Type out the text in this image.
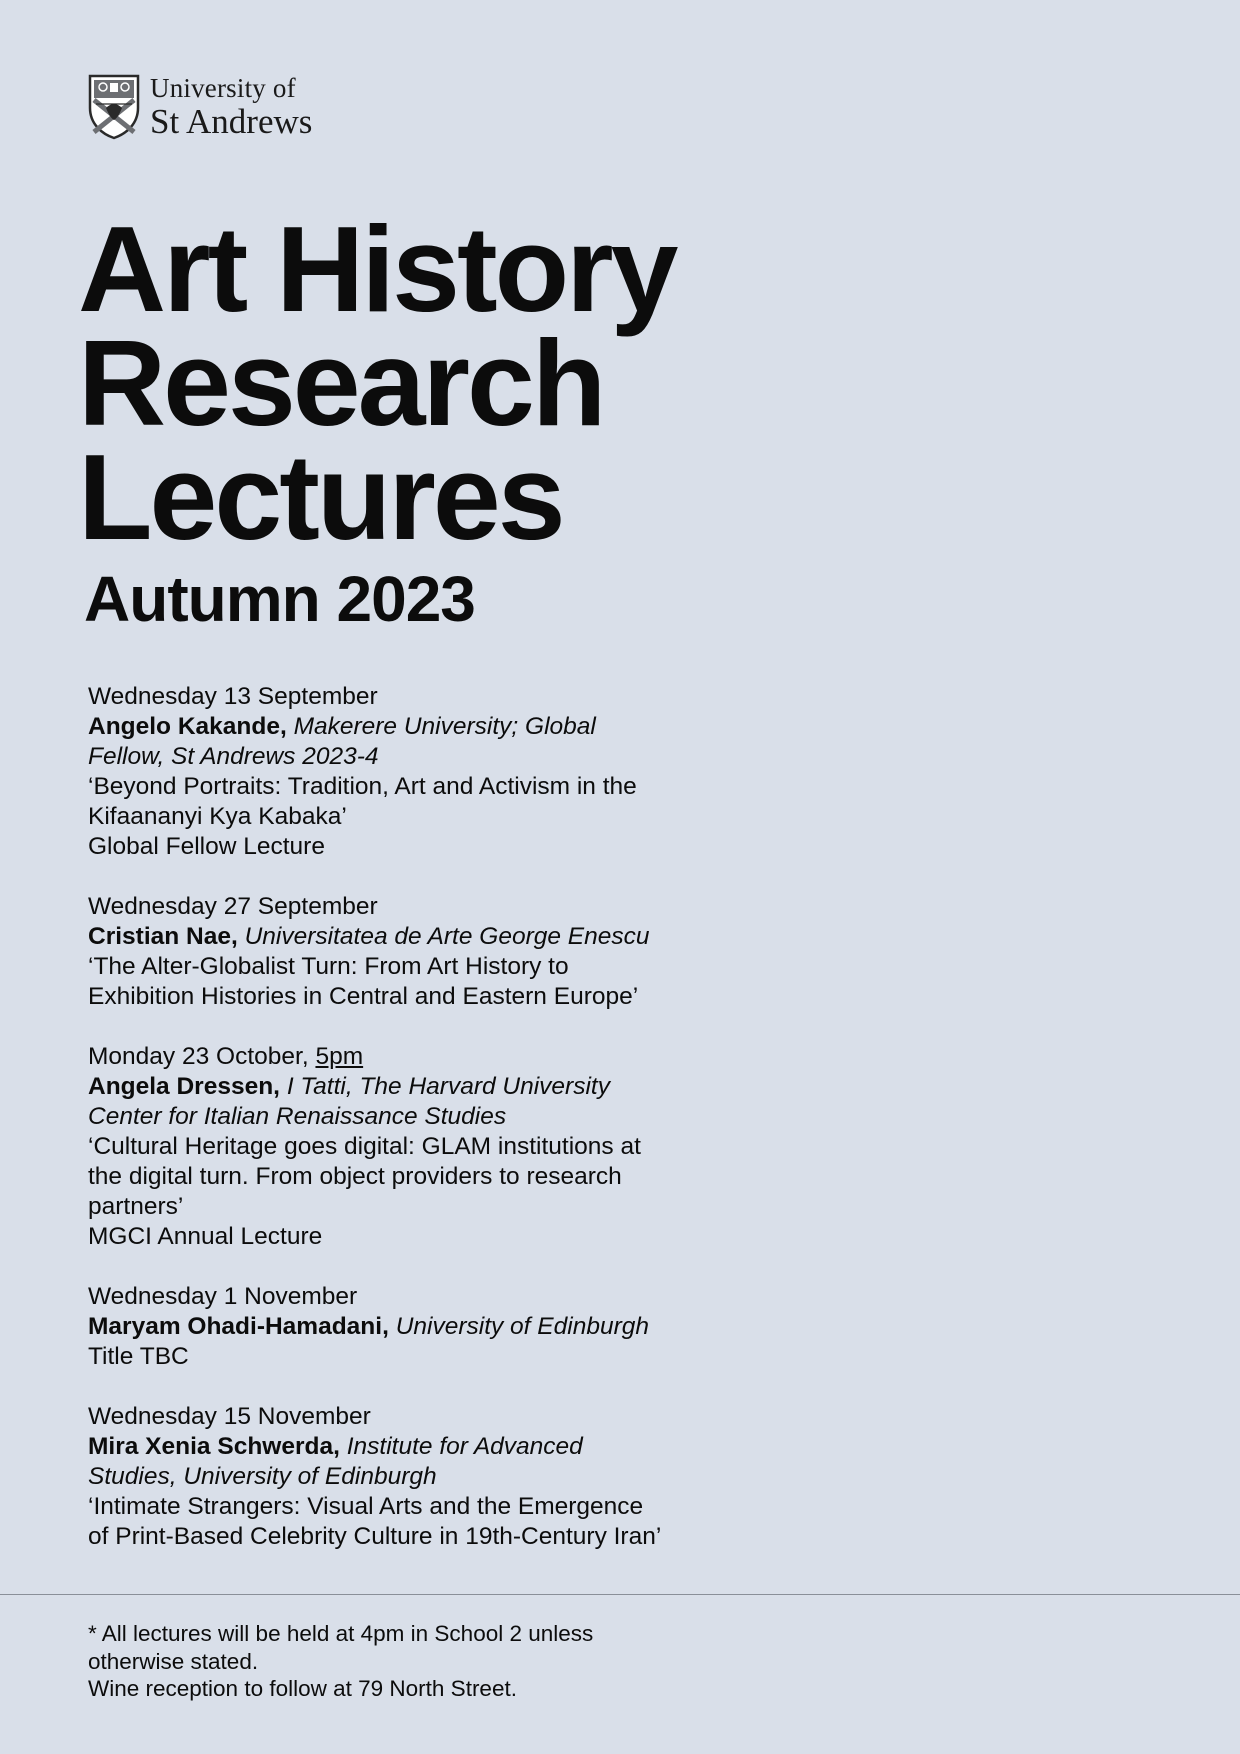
University of
St Andrews
Art History
Research
Lectures
Autumn 2023
Wednesday 13 September
Angelo Kakande, Makerere University; Global
Fellow, St Andrews 2023-4
‘Beyond Portraits: Tradition, Art and Activism in the
Kifaananyi Kya Kabaka’
Global Fellow Lecture
Wednesday 27 September
Cristian Nae, Universitatea de Arte George Enescu
‘The Alter-Globalist Turn: From Art History to
Exhibition Histories in Central and Eastern Europe’
Monday 23 October, 5pm
Angela Dressen, I Tatti, The Harvard University
Center for Italian Renaissance Studies
‘Cultural Heritage goes digital: GLAM institutions at
the digital turn. From object providers to research
partners’
MGCI Annual Lecture
Wednesday 1 November
Maryam Ohadi-Hamadani, University of Edinburgh
Title TBC
Wednesday 15 November
Mira Xenia Schwerda, Institute for Advanced
Studies, University of Edinburgh
‘Intimate Strangers: Visual Arts and the Emergence
of Print-Based Celebrity Culture in 19th-Century Iran’
* All lectures will be held at 4pm in School 2 unless
otherwise stated.
Wine reception to follow at 79 North Street.
